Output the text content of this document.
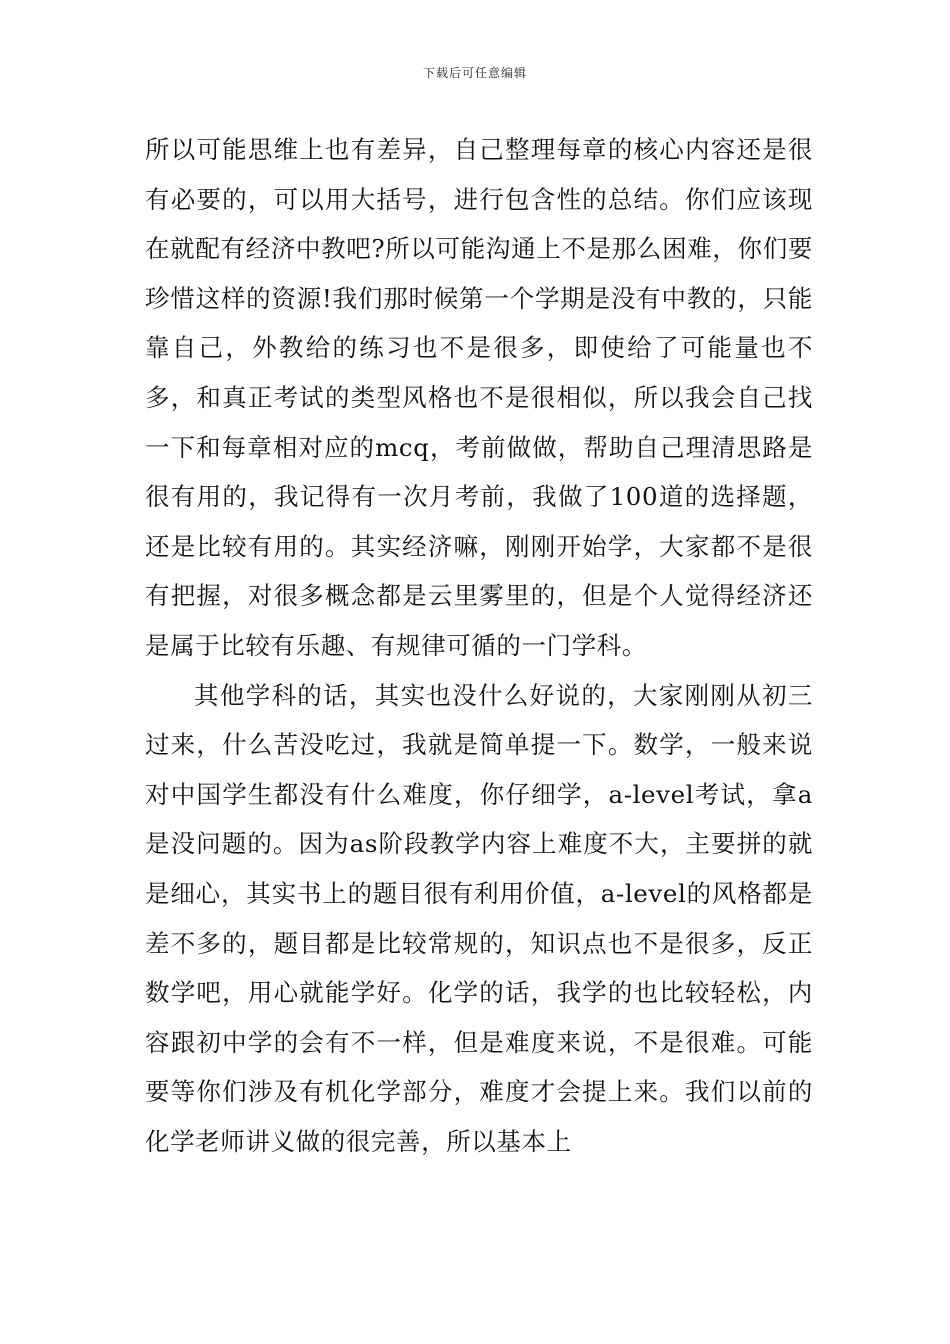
下载后可任意编辑

所以可能思维上也有差异，自己整理每章的核心内容还是很有必要的，可以用大括号，进行包含性的总结。你们应该现在就配有经济中教吧?所以可能沟通上不是那么困难，你们要珍惜这样的资源!我们那时候第一个学期是没有中教的，只能靠自己，外教给的练习也不是很多，即使给了可能量也不多，和真正考试的类型风格也不是很相似，所以我会自己找一下和每章相对应的mcq，考前做做，帮助自己理清思路是很有用的，我记得有一次月考前，我做了100道的选择题，还是比较有用的。其实经济嘛，刚刚开始学，大家都不是很有把握，对很多概念都是云里雾里的，但是个人觉得经济还是属于比较有乐趣、有规律可循的一门学科。

其他学科的话，其实也没什么好说的，大家刚刚从初三过来，什么苦没吃过，我就是简单提一下。数学，一般来说对中国学生都没有什么难度，你仔细学，a-level考试，拿a是没问题的。因为as阶段教学内容上难度不大，主要拼的就是细心，其实书上的题目很有利用价值，a-level的风格都是差不多的，题目都是比较常规的，知识点也不是很多，反正数学吧，用心就能学好。化学的话，我学的也比较轻松，内容跟初中学的会有不一样，但是难度来说，不是很难。可能要等你们涉及有机化学部分，难度才会提上来。我们以前的化学老师讲义做的很完善，所以基本上
